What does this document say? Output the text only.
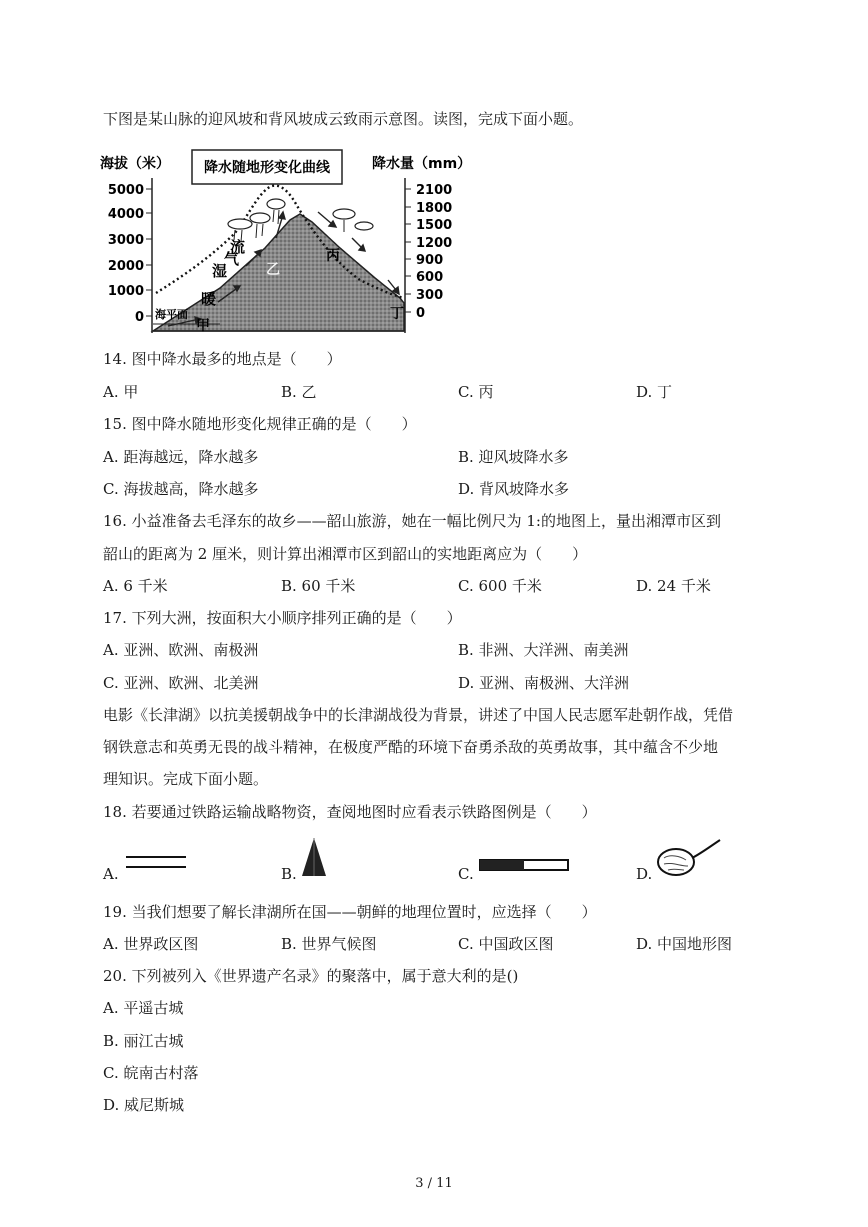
下图是某山脉的迎风坡和背风坡成云致雨示意图。读图，完成下面小题。
降水随地形变化曲线
海拔（米）	降水量（mm）
5000
4000
3000
2000
1000
0
2100
1800
1500
1200
900
600
300
0
海平面
暖
湿
气
流
甲
乙
丙
丁
14. 图中降水最多的地点是（　　）
A. 甲	B. 乙	C. 丙	D. 丁
15. 图中降水随地形变化规律正确的是（　　）
A. 距海越远，降水越多	B. 迎风坡降水多
C. 海拔越高，降水越多	D. 背风坡降水多
16. 小益准备去毛泽东的故乡——韶山旅游，她在一幅比例尺为 1:的地图上，量出湘潭市区到
韶山的距离为 2 厘米，则计算出湘潭市区到韶山的实地距离应为（　　）
A. 6 千米	B. 60 千米	C. 600 千米	D. 24 千米
17. 下列大洲，按面积大小顺序排列正确的是（　　）
A. 亚洲、欧洲、南极洲	B. 非洲、大洋洲、南美洲
C. 亚洲、欧洲、北美洲	D. 亚洲、南极洲、大洋洲
电影《长津湖》以抗美援朝战争中的长津湖战役为背景，讲述了中国人民志愿军赴朝作战，凭借
钢铁意志和英勇无畏的战斗精神，在极度严酷的环境下奋勇杀敌的英勇故事，其中蕴含不少地
理知识。完成下面小题。
18. 若要通过铁路运输战略物资，查阅地图时应看表示铁路图例是（　　）
A.	B.	C.	D.
19. 当我们想要了解长津湖所在国——朝鲜的地理位置时，应选择（　　）
A. 世界政区图	B. 世界气候图	C. 中国政区图	D. 中国地形图
20. 下列被列入《世界遗产名录》的聚落中，属于意大利的是()
A. 平遥古城
B. 丽江古城
C. 皖南古村落
D. 威尼斯城
3 / 11
